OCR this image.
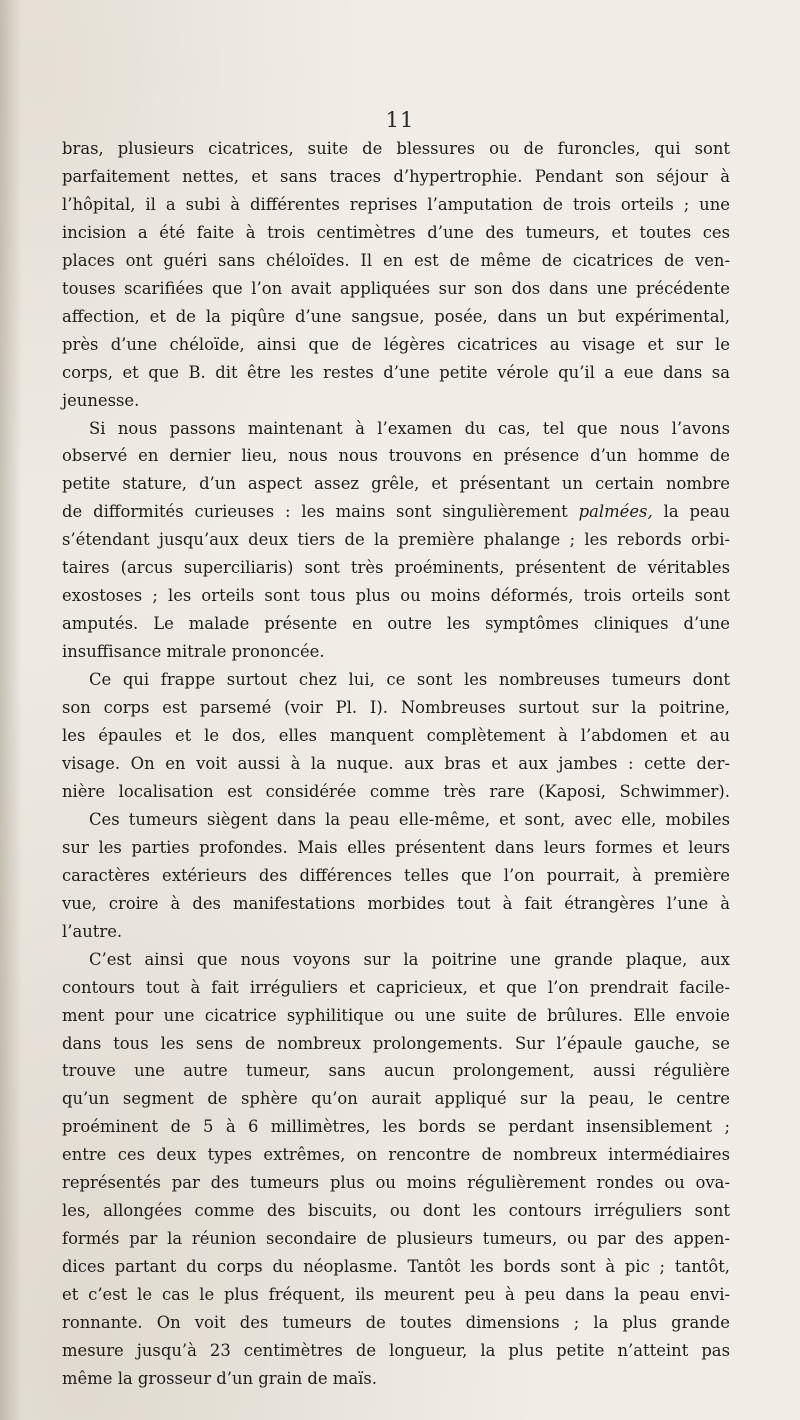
11
bras, plusieurs cicatrices, suite de blessures ou de furoncles, qui sont
parfaitement nettes, et sans traces d’hypertrophie. Pendant son séjour à
l’hôpital, il a subi à différentes reprises l’amputation de trois orteils ; une
incision a été faite à trois centimètres d’une des tumeurs, et toutes ces
places ont guéri sans chéloïdes. Il en est de même de cicatrices de ven-
touses scarifiées que l’on avait appliquées sur son dos dans une précédente
affection, et de la piqûre d’une sangsue, posée, dans un but expérimental,
près d’une chéloïde, ainsi que de légères cicatrices au visage et sur le
corps, et que B. dit être les restes d’une petite vérole qu’il a eue dans sa
jeunesse.
Si nous passons maintenant à l’examen du cas, tel que nous l’avons
observé en dernier lieu, nous nous trouvons en présence d’un homme de
petite stature, d’un aspect assez grêle, et présentant un certain nombre
de difformités curieuses : les mains sont singulièrement palmées, la peau
s’étendant jusqu’aux deux tiers de la première phalange ; les rebords orbi-
taires (arcus superciliaris) sont très proéminents, présentent de véritables
exostoses ; les orteils sont tous plus ou moins déformés, trois orteils sont
amputés. Le malade présente en outre les symptômes cliniques d’une
insuffisance mitrale prononcée.
Ce qui frappe surtout chez lui, ce sont les nombreuses tumeurs dont
son corps est parsemé (voir Pl. I). Nombreuses surtout sur la poitrine,
les épaules et le dos, elles manquent complètement à l’abdomen et au
visage. On en voit aussi à la nuque. aux bras et aux jambes : cette der-
nière localisation est considérée comme très rare (Kaposi, Schwimmer).
Ces tumeurs siègent dans la peau elle-même, et sont, avec elle, mobiles
sur les parties profondes. Mais elles présentent dans leurs formes et leurs
caractères extérieurs des différences telles que l’on pourrait, à première
vue, croire à des manifestations morbides tout à fait étrangères l’une à
l’autre.
C’est ainsi que nous voyons sur la poitrine une grande plaque, aux
contours tout à fait irréguliers et capricieux, et que l’on prendrait facile-
ment pour une cicatrice syphilitique ou une suite de brûlures. Elle envoie
dans tous les sens de nombreux prolongements. Sur l’épaule gauche, se
trouve une autre tumeur, sans aucun prolongement, aussi régulière
qu’un segment de sphère qu’on aurait appliqué sur la peau, le centre
proéminent de 5 à 6 millimètres, les bords se perdant insensiblement ;
entre ces deux types extrêmes, on rencontre de nombreux intermédiaires
représentés par des tumeurs plus ou moins régulièrement rondes ou ova-
les, allongées comme des biscuits, ou dont les contours irréguliers sont
formés par la réunion secondaire de plusieurs tumeurs, ou par des appen-
dices partant du corps du néoplasme. Tantôt les bords sont à pic ; tantôt,
et c’est le cas le plus fréquent, ils meurent peu à peu dans la peau envi-
ronnante. On voit des tumeurs de toutes dimensions ; la plus grande
mesure jusqu’à 23 centimètres de longueur, la plus petite n’atteint pas
même la grosseur d’un grain de maïs.
